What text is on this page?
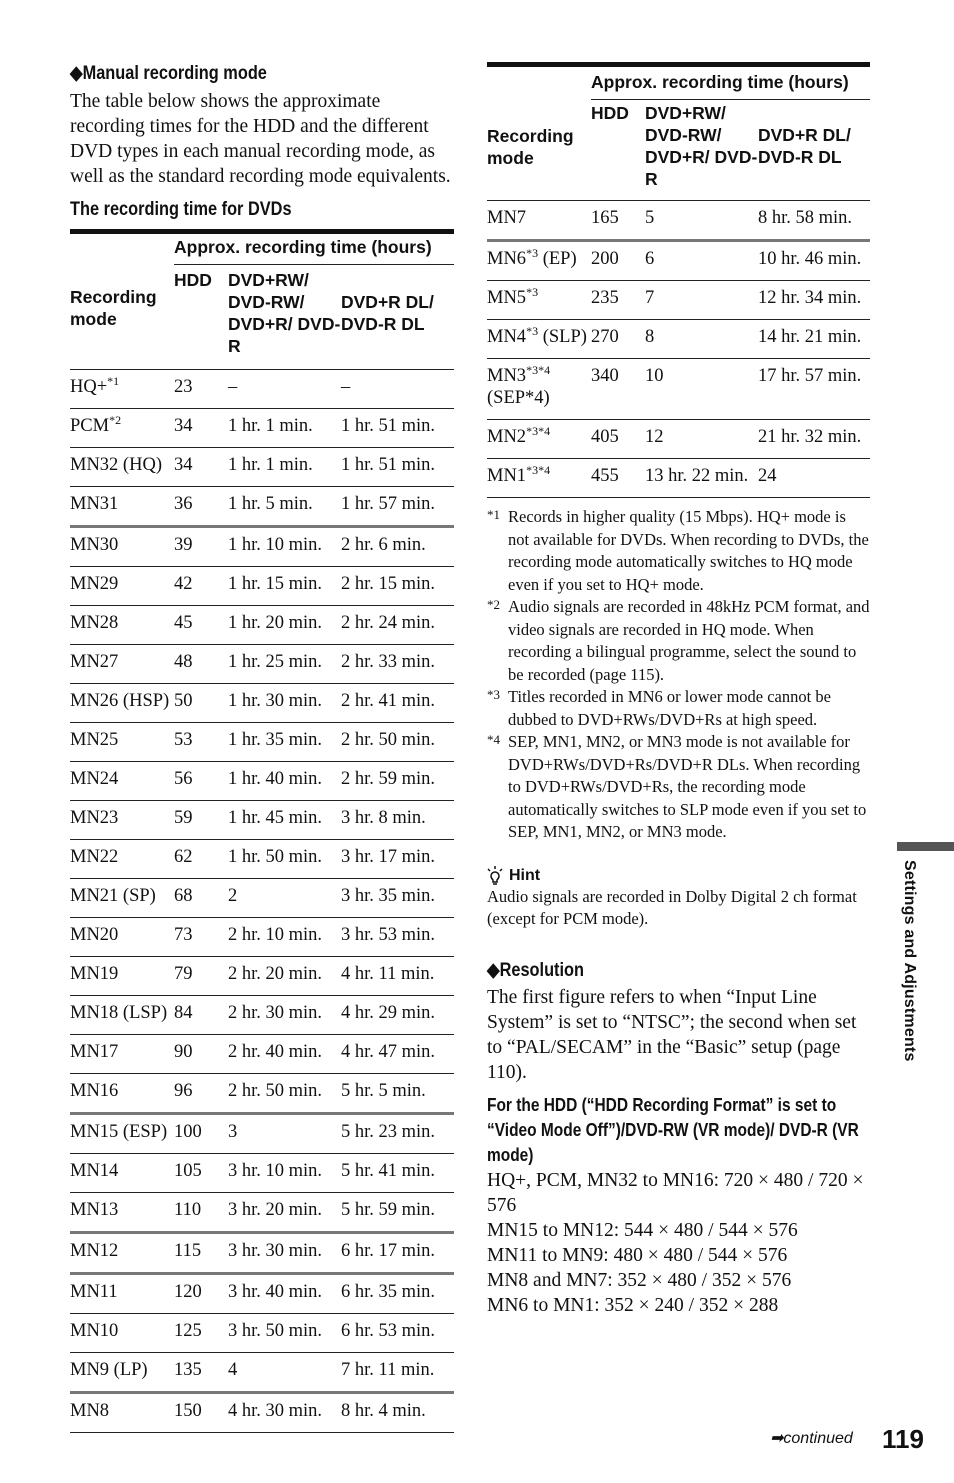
◆Manual recording mode

The table below shows the approximate recording times for the HDD and the different DVD types in each manual recording mode, as well as the standard recording mode equivalents.

The recording time for DVDs
Recording mode	Approx. recording time (hours)		
	HDD	DVD+RW/ DVD-RW/ DVD+R/ DVD-R	DVD+R DL/ DVD-R DL

HQ+$^{*1}$	23	–	–
PCM$^{*2}$	34	1 hr. 1 min.	1 hr. 51 min.
MN32 (HQ)	34	1 hr. 1 min.	1 hr. 51 min.
MN31	36	1 hr. 5 min.	1 hr. 57 min.
MN30	39	1 hr. 10 min.	2 hr. 6 min.
MN29	42	1 hr. 15 min.	2 hr. 15 min.
MN28	45	1 hr. 20 min.	2 hr. 24 min.
MN27	48	1 hr. 25 min.	2 hr. 33 min.
MN26 (HSP)	50	1 hr. 30 min.	2 hr. 41 min.
MN25	53	1 hr. 35 min.	2 hr. 50 min.
MN24	56	1 hr. 40 min.	2 hr. 59 min.
MN23	59	1 hr. 45 min.	3 hr. 8 min.
MN22	62	1 hr. 50 min.	3 hr. 17 min.
MN21 (SP)	68	2	3 hr. 35 min.
MN20	73	2 hr. 10 min.	3 hr. 53 min.
MN19	79	2 hr. 20 min.	4 hr. 11 min.
MN18 (LSP)	84	2 hr. 30 min.	4 hr. 29 min.
MN17	90	2 hr. 40 min.	4 hr. 47 min.
MN16	96	2 hr. 50 min.	5 hr. 5 min.
MN15 (ESP)	100	3	5 hr. 23 min.
MN14	105	3 hr. 10 min.	5 hr. 41 min.
MN13	110	3 hr. 20 min.	5 hr. 59 min.
MN12	115	3 hr. 30 min.	6 hr. 17 min.
MN11	120	3 hr. 40 min.	6 hr. 35 min.
MN10	125	3 hr. 50 min.	6 hr. 53 min.
MN9 (LP)	135	4	7 hr. 11 min.
MN8	150	4 hr. 30 min.	8 hr. 4 min.
Recording mode	Approx. recording time (hours)		
	HDD	DVD+RW/ DVD-RW/ DVD+R/ DVD-R	DVD+R DL/ DVD-R DL

MN7	165	5	8 hr. 58 min.
MN6$^{*3}$ (EP)	200	6	10 hr. 46 min.
MN5$^{*3}$	235	7	12 hr. 34 min.
MN4$^{*3}$ (SLP)	270	8	14 hr. 21 min.
$MN3^{*3*4}$ (SEP*4)	340	10	17 hr. 57 min.
$MN2^{*3*4}$	405	12	21 hr. 32 min.
$MN1^{*3*4}$	455	13 hr. 22 min.	24

*1 Records in higher quality (15 Mbps). HQ+ mode is not available for DVDs. When recording to DVDs, the recording mode automatically switches to HQ mode even if you set to HQ+ mode.

*2 Audio signals are recorded in 48kHz PCM format, and video signals are recorded in HQ mode. When recording a bilingual programme, select the sound to be recorded (page 115).

*3 Titles recorded in MN6 or lower mode cannot be dubbed to DVD+RWs/DVD+Rs at high speed.

*4 SEP, MN1, MN2, or MN3 mode is not available for DVD+RWs/DVD+Rs/DVD+R DLs. When recording to DVD+RWs/DVD+Rs, the recording mode automatically switches to SLP mode even if you set to SEP, MN1, MN2, or MN3 mode.

Hint
Audio signals are recorded in Dolby Digital 2 ch format (except for PCM mode).
◆Resolution

The first figure refers to when “Input Line System” is set to “NTSC”; the second when set to “PAL/SECAM” in the “Basic” setup (page 110).

For the HDD (“HDD Recording Format” is set to “Video Mode Off”)/DVD-RW (VR mode)/ DVD-R (VR mode)
HQ+, PCM, MN32 to MN16: 720 × 480 / 720 × 576
MN15 to MN12: 544 × 480 / 544 × 576
MN11 to MN9: 480 × 480 / 544 × 576
MN8 and MN7: 352 × 480 / 352 × 576
MN6 to MN1: 352 × 240 / 352 × 288
Settings and Adjustments
➡continued 119
